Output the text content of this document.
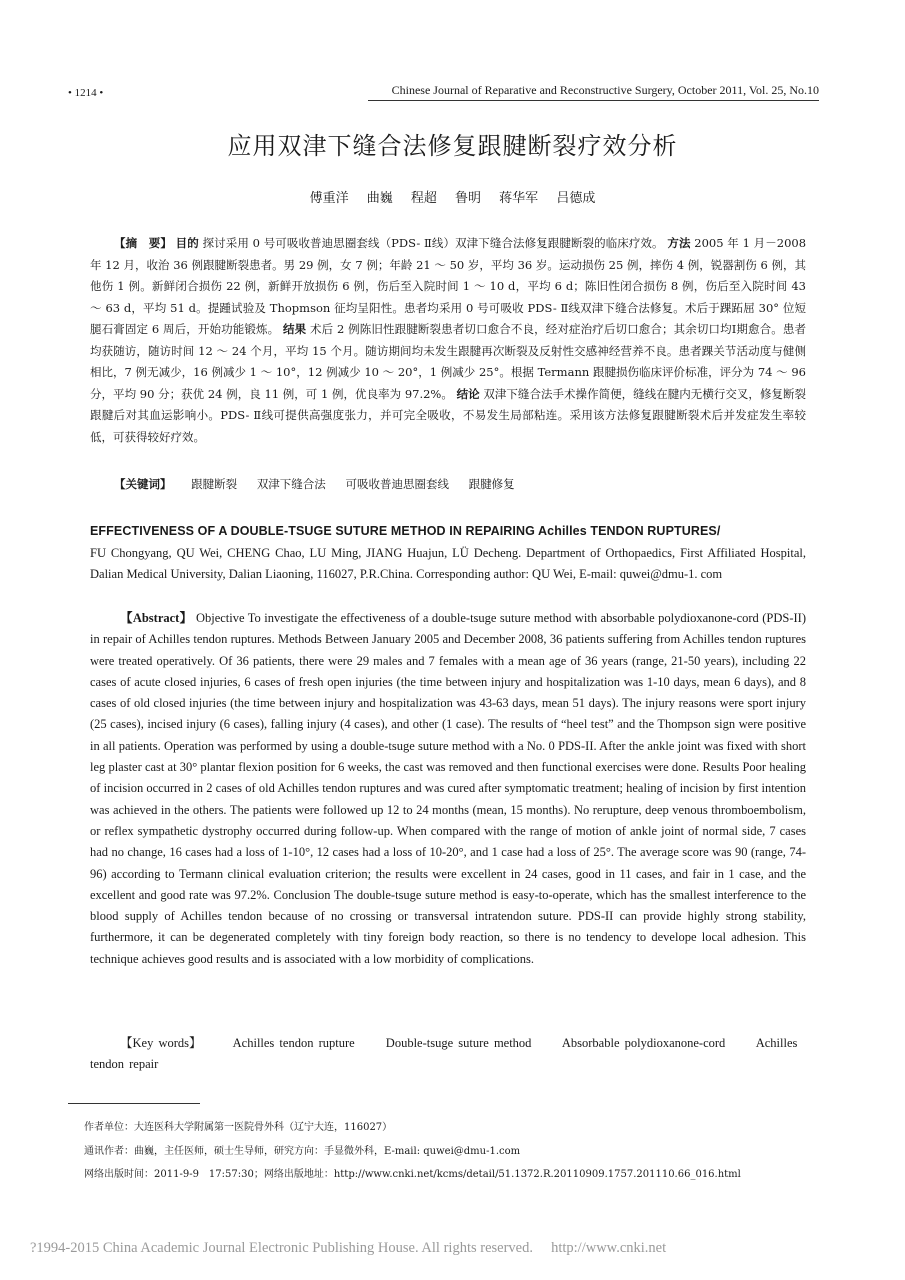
• 1214 •	Chinese Journal of Reparative and Reconstructive Surgery, October 2011, Vol. 25, No.10
应用双津下缝合法修复跟腱断裂疗效分析
傅重洋 曲巍 程超 鲁明 蒋华军 吕德成

【摘　要】 目的 探讨采用 0 号可吸收普迪思圈套线（PDS- Ⅱ线）双津下缝合法修复跟腱断裂的临床疗效。 方法 2005 年 1 月－2008 年 12 月，收治 36 例跟腱断裂患者。男 29 例，女 7 例；年龄 21 ～ 50 岁，平均 36 岁。运动损伤 25 例，摔伤 4 例，锐器割伤 6 例，其他伤 1 例。新鲜闭合损伤 22 例，新鲜开放损伤 6 例，伤后至入院时间 1 ～ 10 d，平均 6 d；陈旧性闭合损伤 8 例，伤后至入院时间 43 ～ 63 d，平均 51 d。提踵试验及 Thopmson 征均呈阳性。患者均采用 0 号可吸收 PDS- Ⅱ线双津下缝合法修复。术后于踝跖屈 30° 位短腿石膏固定 6 周后，开始功能锻炼。 结果 术后 2 例陈旧性跟腱断裂患者切口愈合不良，经对症治疗后切口愈合；其余切口均Ⅰ期愈合。患者均获随访，随访时间 12 ～ 24 个月，平均 15 个月。随访期间均未发生跟腱再次断裂及反射性交感神经营养不良。患者踝关节活动度与健侧相比，7 例无减少，16 例减少 1 ～ 10°，12 例减少 10 ～ 20°，1 例减少 25°。根据 Termann 跟腱损伤临床评价标准，评分为 74 ～ 96 分，平均 90 分；获优 24 例，良 11 例，可 1 例，优良率为 97.2%。 结论 双津下缝合法手术操作简便，缝线在腱内无横行交叉，修复断裂跟腱后对其血运影响小。PDS- Ⅱ线可提供高强度张力，并可完全吸收，不易发生局部粘连。采用该方法修复跟腱断裂术后并发症发生率较低，可获得较好疗效。

【关键词】 跟腱断裂 双津下缝合法 可吸收普迪思圈套线 跟腱修复
EFFECTIVENESS OF A DOUBLE-TSUGE SUTURE METHOD IN REPAIRING Achilles TENDON RUPTURES/

FU Chongyang, QU Wei, CHENG Chao, LU Ming, JIANG Huajun, LÜ Decheng. Department of Orthopaedics, First Affiliated Hospital, Dalian Medical University, Dalian Liaoning, 116027, P.R.China. Corresponding author: QU Wei, E-mail: quwei@dmu-1. com

【Abstract】 Objective To investigate the effectiveness of a double-tsuge suture method with absorbable polydioxanone-cord (PDS-II) in repair of Achilles tendon ruptures. Methods Between January 2005 and December 2008, 36 patients suffering from Achilles tendon ruptures were treated operatively. Of 36 patients, there were 29 males and 7 females with a mean age of 36 years (range, 21-50 years), including 22 cases of acute closed injuries, 6 cases of fresh open injuries (the time between injury and hospitalization was 1-10 days, mean 6 days), and 8 cases of old closed injuries (the time between injury and hospitalization was 43-63 days, mean 51 days). The injury reasons were sport injury (25 cases), incised injury (6 cases), falling injury (4 cases), and other (1 case). The results of “heel test” and the Thompson sign were positive in all patients. Operation was performed by using a double-tsuge suture method with a No. 0 PDS-II. After the ankle joint was fixed with short leg plaster cast at 30° plantar flexion position for 6 weeks, the cast was removed and then functional exercises were done. Results Poor healing of incision occurred in 2 cases of old Achilles tendon ruptures and was cured after symptomatic treatment; healing of incision by first intention was achieved in the others. The patients were followed up 12 to 24 months (mean, 15 months). No rerupture, deep venous thromboembolism, or reflex sympathetic dystrophy occurred during follow-up. When compared with the range of motion of ankle joint of normal side, 7 cases had no change, 16 cases had a loss of 1-10°, 12 cases had a loss of 10-20°, and 1 case had a loss of 25°. The average score was 90 (range, 74-96) according to Termann clinical evaluation criterion; the results were excellent in 24 cases, good in 11 cases, and fair in 1 case, and the excellent and good rate was 97.2%. Conclusion The double-tsuge suture method is easy-to-operate, which has the smallest interference to the blood supply of Achilles tendon because of no crossing or transversal intratendon suture. PDS-II can provide highly strong stability, furthermore, it can be degenerated completely with tiny foreign body reaction, so there is no tendency to develope local adhesion. This technique achieves good results and is associated with a low morbidity of complications.

【Key words】 Achilles tendon rupture Double-tsuge suture method Absorbable polydioxanone-cord Achilles tendon repair

作者单位：大连医科大学附属第一医院骨外科（辽宁大连，116027）
通讯作者：曲巍，主任医师，硕士生导师，研究方向：手显微外科，E-mail: quwei@dmu-1.com
网络出版时间：2011-9-9　17:57:30；网络出版地址：http://www.cnki.net/kcms/detail/51.1372.R.20110909.1757.201110.66_016.html
?1994-2015 China Academic Journal Electronic Publishing House. All rights reserved.　 http://www.cnki.net
